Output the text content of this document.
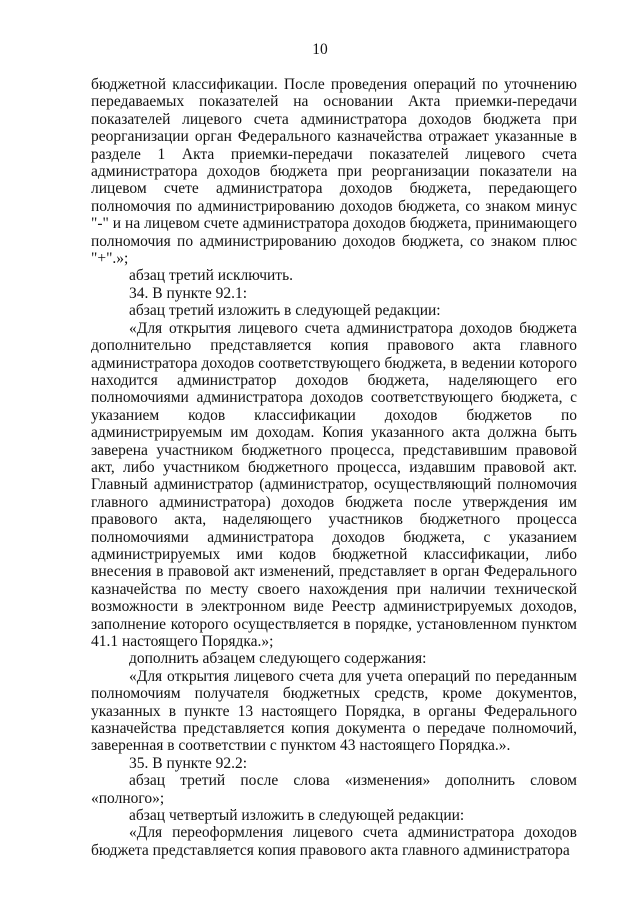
10

бюджетной классификации. После проведения операций по уточнению передаваемых показателей на основании Акта приемки-передачи показателей лицевого счета администратора доходов бюджета при реорганизации орган Федерального казначейства отражает указанные в разделе 1 Акта приемки-передачи показателей лицевого счета администратора доходов бюджета при реорганизации показатели на лицевом счете администратора доходов бюджета, передающего полномочия по администрированию доходов бюджета, со знаком минус "-" и на лицевом счете администратора доходов бюджета, принимающего полномочия по администрированию доходов бюджета, со знаком плюс "+".»;

абзац третий исключить.

34. В пункте 92.1:

абзац третий изложить в следующей редакции:

«Для открытия лицевого счета администратора доходов бюджета дополнительно представляется копия правового акта главного администратора доходов соответствующего бюджета, в ведении которого находится администратор доходов бюджета, наделяющего его полномочиями администратора доходов соответствующего бюджета, с указанием кодов классификации доходов бюджетов по администрируемым им доходам. Копия указанного акта должна быть заверена участником бюджетного процесса, представившим правовой акт, либо участником бюджетного процесса, издавшим правовой акт. Главный администратор (администратор, осуществляющий полномочия главного администратора) доходов бюджета после утверждения им правового акта, наделяющего участников бюджетного процесса полномочиями администратора доходов бюджета, с указанием администрируемых ими кодов бюджетной классификации, либо внесения в правовой акт изменений, представляет в орган Федерального казначейства по месту своего нахождения при наличии технической возможности в электронном виде Реестр администрируемых доходов, заполнение которого осуществляется в порядке, установленном пунктом 41.1 настоящего Порядка.»;

дополнить абзацем следующего содержания:

«Для открытия лицевого счета для учета операций по переданным полномочиям получателя бюджетных средств, кроме документов, указанных в пункте 13 настоящего Порядка, в органы Федерального казначейства представляется копия документа о передаче полномочий, заверенная в соответствии с пунктом 43 настоящего Порядка.».

35. В пункте 92.2:

абзац третий после слова «изменения» дополнить словом «полного»;

абзац четвертый изложить в следующей редакции:

«Для переоформления лицевого счета администратора доходов бюджета представляется копия правового акта главного администратора
